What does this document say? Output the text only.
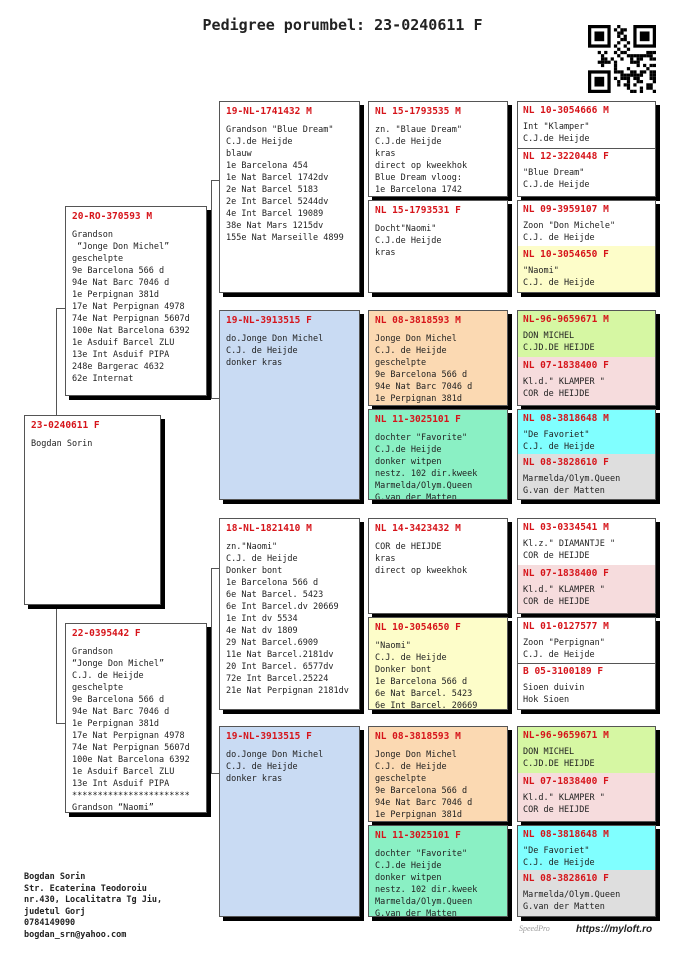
Pedigree porumbel: 23-0240611 F
23-0240611 F
Bogdan Sorin
20-RO-370593 M
Grandson
“Jonge Don Michel”
geschelpte
9e Barcelona 566 d
94e Nat Barc 7046 d
1e Perpignan 381d
17e Nat Perpignan 4978
74e Nat Perpignan 5607d
100e Nat Barcelona 6392
1e Asduif Barcel ZLU
13e Int Asduif PIPA
248e Bargerac 4632
62e Internat
22-0395442 F
Grandson
“Jonge Don Michel”
C.J. de Heijde
geschelpte
9e Barcelona 566 d
94e Nat Barc 7046 d
1e Perpignan 381d
17e Nat Perpignan 4978
74e Nat Perpignan 5607d
100e Nat Barcelona 6392
1e Asduif Barcel ZLU
13e Int Asduif PIPA
***********************
Grandson “Naomi”
19-NL-1741432 M
Grandson "Blue Dream"
C.J.de Heijde
blauw
1e Barcelona 454
1e Nat Barcel 1742dv
2e Nat Barcel 5183
2e Int Barcel 5244dv
4e Int Barcel 19089
38e Nat Mars 1215dv
155e Nat Marseille 4899
19-NL-3913515 F
do.Jonge Don Michel
C.J. de Heijde
donker kras
18-NL-1821410 M
zn."Naomi"
C.J. de Heijde
Donker bont
1e Barcelona 566 d
6e Nat Barcel. 5423
6e Int Barcel.dv 20669
1e Int dv 5534
4e Nat dv 1809
29 Nat Barcel.6909
11e Nat Barcel.2181dv
20 Int Barcel. 6577dv
72e Int Barcel.25224
21e Nat Perpignan 2181dv
19-NL-3913515 F
do.Jonge Don Michel
C.J. de Heijde
donker kras
NL 15-1793535 M
zn. "Blaue Dream"
C.J.de Heijde
kras
direct op kweekhok
Blue Dream vloog:
1e Barcelona 1742
NL 15-1793531 F
Docht"Naomi"
C.J.de Heijde
kras
NL 08-3818593 M
Jonge Don Michel
C.J. de Heijde
geschelpte
9e Barcelona 566 d
94e Nat Barc 7046 d
1e Perpignan 381d
NL 11-3025101 F
dochter "Favorite"
C.J.de Heijde
donker witpen
nestz. 102 dir.kweek
Marmelda/Olym.Queen
G.van der Matten
NL 14-3423432 M
COR de HEIJDE
kras
direct op kweekhok
NL 10-3054650 F
"Naomi"
C.J. de Heijde
Donker bont
1e Barcelona 566 d
6e Nat Barcel. 5423
6e Int Barcel. 20669
NL 08-3818593 M
Jonge Don Michel
C.J. de Heijde
geschelpte
9e Barcelona 566 d
94e Nat Barc 7046 d
1e Perpignan 381d
NL 11-3025101 F
dochter "Favorite"
C.J.de Heijde
donker witpen
nestz. 102 dir.kweek
Marmelda/Olym.Queen
G.van der Matten
NL 10-3054666 M
Int "Klamper"
C.J.de Heijde
NL 12-3220448 F
"Blue Dream"
C.J.de Heijde
NL 09-3959107 M
Zoon "Don Michele"
C.J. de Heijde
NL 10-3054650 F
"Naomi"
C.J. de Heijde
NL-96-9659671 M
DON MICHEL
C.JD.DE HEIJDE
NL 07-1838400 F
Kl.d." KLAMPER "
COR de HEIJDE
NL 08-3818648 M
"De Favoriet"
C.J. de Heijde
NL 08-3828610 F
Marmelda/Olym.Queen
G.van der Matten
NL 03-0334541 M
Kl.z." DIAMANTJE "
COR de HEIJDE
NL 07-1838400 F
Kl.d." KLAMPER "
COR de HEIJDE
NL 01-0127577 M
Zoon "Perpignan"
C.J. de Heijde
B 05-3100189 F
Sioen duivin
Hok Sioen
NL-96-9659671 M
DON MICHEL
C.JD.DE HEIJDE
NL 07-1838400 F
Kl.d." KLAMPER "
COR de HEIJDE
NL 08-3818648 M
"De Favoriet"
C.J. de Heijde
NL 08-3828610 F
Marmelda/Olym.Queen
G.van der Matten
Bogdan Sorin
Str. Ecaterina Teodoroiu
nr.430, Localitatra Tg Jiu,
judetul Gorj
0784149090
bogdan_srn@yahoo.com
SpeedPro	https://myloft.ro
